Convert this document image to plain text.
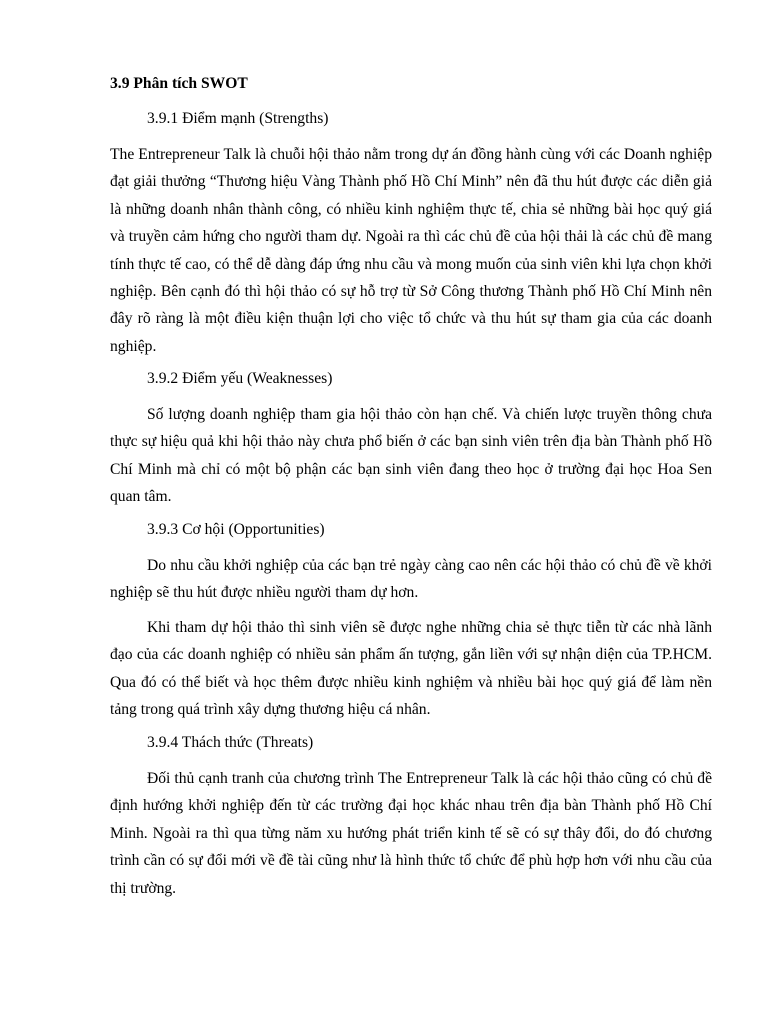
3.9 Phân tích SWOT
3.9.1 Điểm mạnh (Strengths)
The Entrepreneur Talk là chuỗi hội thảo nằm trong dự án đồng hành cùng với các Doanh nghiệp đạt giải thưởng “Thương hiệu Vàng Thành phố Hồ Chí Minh” nên đã thu hút được các diễn giả là những doanh nhân thành công, có nhiều kinh nghiệm thực tế, chia sẻ những bài học quý giá và truyền cảm hứng cho người tham dự. Ngoài ra thì các chủ đề của hội thải là các chủ đề mang tính thực tế cao, có thể dễ dàng đáp ứng nhu cầu và mong muốn của sinh viên khi lựa chọn khởi nghiệp. Bên cạnh đó thì hội thảo có sự hỗ trợ từ Sở Công thương Thành phố Hồ Chí Minh nên đây rõ ràng là một điều kiện thuận lợi cho việc tổ chức và thu hút sự tham gia của các doanh nghiệp.
3.9.2 Điểm yếu (Weaknesses)
Số lượng doanh nghiệp tham gia hội thảo còn hạn chế. Và chiến lược truyền thông chưa thực sự hiệu quả khi hội thảo này chưa phổ biến ở các bạn sinh viên trên địa bàn Thành phố Hồ Chí Minh mà chỉ có một bộ phận các bạn sinh viên đang theo học ở trường đại học Hoa Sen quan tâm.
3.9.3 Cơ hội (Opportunities)
Do nhu cầu khởi nghiệp của các bạn trẻ ngày càng cao nên các hội thảo có chủ đề về khởi nghiệp sẽ thu hút được nhiều người tham dự hơn.
Khi tham dự hội thảo thì sinh viên sẽ được nghe những chia sẻ thực tiễn từ các nhà lãnh đạo của các doanh nghiệp có nhiều sản phẩm ấn tượng, gắn liền với sự nhận diện của TP.HCM. Qua đó có thể biết và học thêm được nhiều kinh nghiệm và nhiều bài học quý giá để làm nền tảng trong quá trình xây dựng thương hiệu cá nhân.
3.9.4 Thách thức (Threats)
Đối thủ cạnh tranh của chương trình The Entrepreneur Talk là các hội thảo cũng có chủ đề định hướng khởi nghiệp đến từ các trường đại học khác nhau trên địa bàn Thành phố Hồ Chí Minh. Ngoài ra thì qua từng năm xu hướng phát triển kinh tế sẽ có sự thây đổi, do đó chương trình cần có sự đổi mới về đề tài cũng như là hình thức tổ chức để phù hợp hơn với nhu cầu của thị trường.
